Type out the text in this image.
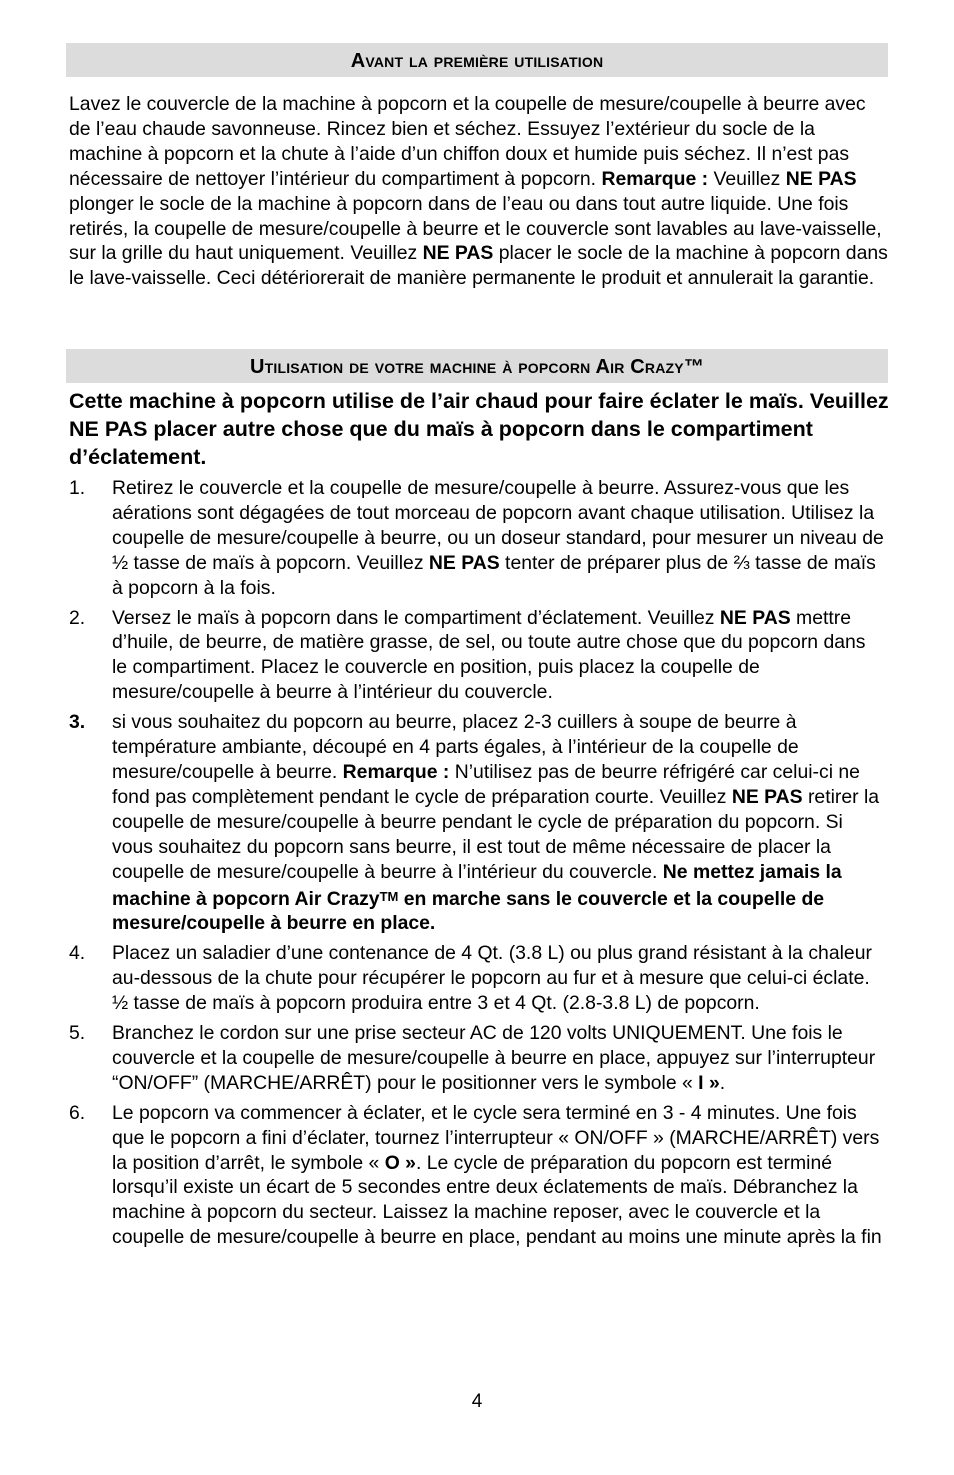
Avant la première utilisation

Lavez le couvercle de la machine à popcorn et la coupelle de mesure/coupelle à beurre avec de l’eau chaude savonneuse. Rincez bien et séchez. Essuyez l’extérieur du socle de la machine à popcorn et la chute à l’aide d’un chiffon doux et humide puis séchez. Il n’est pas nécessaire de nettoyer l’intérieur du compartiment à popcorn. Remarque : Veuillez NE PAS plonger le socle de la machine à popcorn dans de l’eau ou dans tout autre liquide. Une fois retirés, la coupelle de mesure/coupelle à beurre et le couvercle sont lavables au lave-vaisselle, sur la grille du haut uniquement. Veuillez NE PAS placer le socle de la machine à popcorn dans le lave-vaisselle. Ceci détériorerait de manière permanente le produit et annulerait la garantie.

Utilisation de votre machine à popcorn Air Crazy™

Cette machine à popcorn utilise de l’air chaud pour faire éclater le maïs. Veuillez NE PAS placer autre chose que du maïs à popcorn dans le compartiment d’éclatement.

1. Retirez le couvercle et la coupelle de mesure/coupelle à beurre. Assurez-vous que les aérations sont dégagées de tout morceau de popcorn avant chaque utilisation. Utilisez la coupelle de mesure/coupelle à beurre, ou un doseur standard, pour mesurer un niveau de ½ tasse de maïs à popcorn. Veuillez NE PAS tenter de préparer plus de ⅔ tasse de maïs à popcorn à la fois.
2. Versez le maïs à popcorn dans le compartiment d’éclatement. Veuillez NE PAS mettre d’huile, de beurre, de matière grasse, de sel, ou toute autre chose que du popcorn dans le compartiment. Placez le couvercle en position, puis placez la coupelle de mesure/coupelle à beurre à l’intérieur du couvercle.
3. si vous souhaitez du popcorn au beurre, placez 2-3 cuillers à soupe de beurre à température ambiante, découpé en 4 parts égales, à l’intérieur de la coupelle de mesure/coupelle à beurre. Remarque : N’utilisez pas de beurre réfrigéré car celui-ci ne fond pas complètement pendant le cycle de préparation courte. Veuillez NE PAS retirer la coupelle de mesure/coupelle à beurre pendant le cycle de préparation du popcorn. Si vous souhaitez du popcorn sans beurre, il est tout de même nécessaire de placer la coupelle de mesure/coupelle à beurre à l’intérieur du couvercle. Ne mettez jamais la machine à popcorn Air Crazy™ en marche sans le couvercle et la coupelle de mesure/coupelle à beurre en place.
4. Placez un saladier d’une contenance de 4 Qt. (3.8 L) ou plus grand résistant à la chaleur au-dessous de la chute pour récupérer le popcorn au fur et à mesure que celui-ci éclate. ½ tasse de maïs à popcorn produira entre 3 et 4 Qt. (2.8-3.8 L) de popcorn.
5. Branchez le cordon sur une prise secteur AC de 120 volts UNIQUEMENT. Une fois le couvercle et la coupelle de mesure/coupelle à beurre en place, appuyez sur l’interrupteur “ON/OFF” (MARCHE/ARRÊT) pour le positionner vers le symbole « I ».
6. Le popcorn va commencer à éclater, et le cycle sera terminé en 3 - 4 minutes. Une fois que le popcorn a fini d’éclater, tournez l’interrupteur « ON/OFF » (MARCHE/ARRÊT) vers la position d’arrêt, le symbole « O ». Le cycle de préparation du popcorn est terminé lorsqu’il existe un écart de 5 secondes entre deux éclatements de maïs. Débranchez la machine à popcorn du secteur. Laissez la machine reposer, avec le couvercle et la coupelle de mesure/coupelle à beurre en place, pendant au moins une minute après la fin
4
